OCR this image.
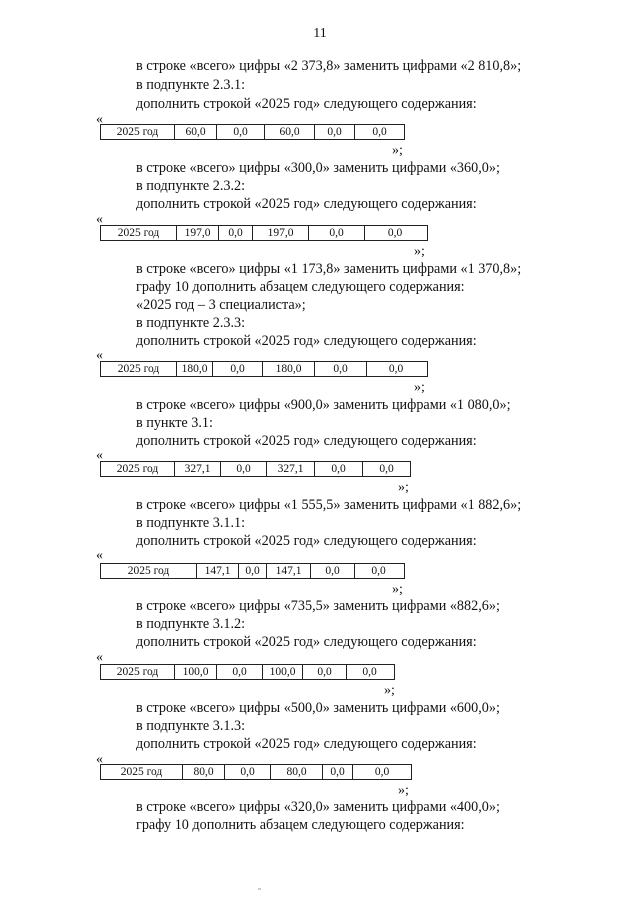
11
в строке «всего» цифры «2 373,8» заменить цифрами «2 810,8»;
в подпункте 2.3.1:
дополнить строкой «2025 год» следующего содержания:
«
2025 год	60,0	0,0	60,0	0,0	0,0
»;
в строке «всего» цифры «300,0» заменить цифрами «360,0»;
в подпункте 2.3.2:
дополнить строкой «2025 год» следующего содержания:
«
2025 год	197,0	0,0	197,0	0,0	0,0
»;
в строке «всего» цифры «1 173,8» заменить цифрами «1 370,8»;
графу 10 дополнить абзацем следующего содержания:
«2025 год – 3 специалиста»;
в подпункте 2.3.3:
дополнить строкой «2025 год» следующего содержания:
«
2025 год	180,0	0,0	180,0	0,0	0,0
»;
в строке «всего» цифры «900,0» заменить цифрами «1 080,0»;
в пункте 3.1:
дополнить строкой «2025 год» следующего содержания:
«
2025 год	327,1	0,0	327,1	0,0	0,0
»;
в строке «всего» цифры «1 555,5» заменить цифрами «1 882,6»;
в подпункте 3.1.1:
дополнить строкой «2025 год» следующего содержания:
«
2025 год	147,1	0,0	147,1	0,0	0,0
»;
в строке «всего» цифры «735,5» заменить цифрами «882,6»;
в подпункте 3.1.2:
дополнить строкой «2025 год» следующего содержания:
«
2025 год	100,0	0,0	100,0	0,0	0,0
»;
в строке «всего» цифры «500,0» заменить цифрами «600,0»;
в подпункте 3.1.3:
дополнить строкой «2025 год» следующего содержания:
«
2025 год	80,0	0,0	80,0	0,0	0,0
»;
в строке «всего» цифры «320,0» заменить цифрами «400,0»;
графу 10 дополнить абзацем следующего содержания:
